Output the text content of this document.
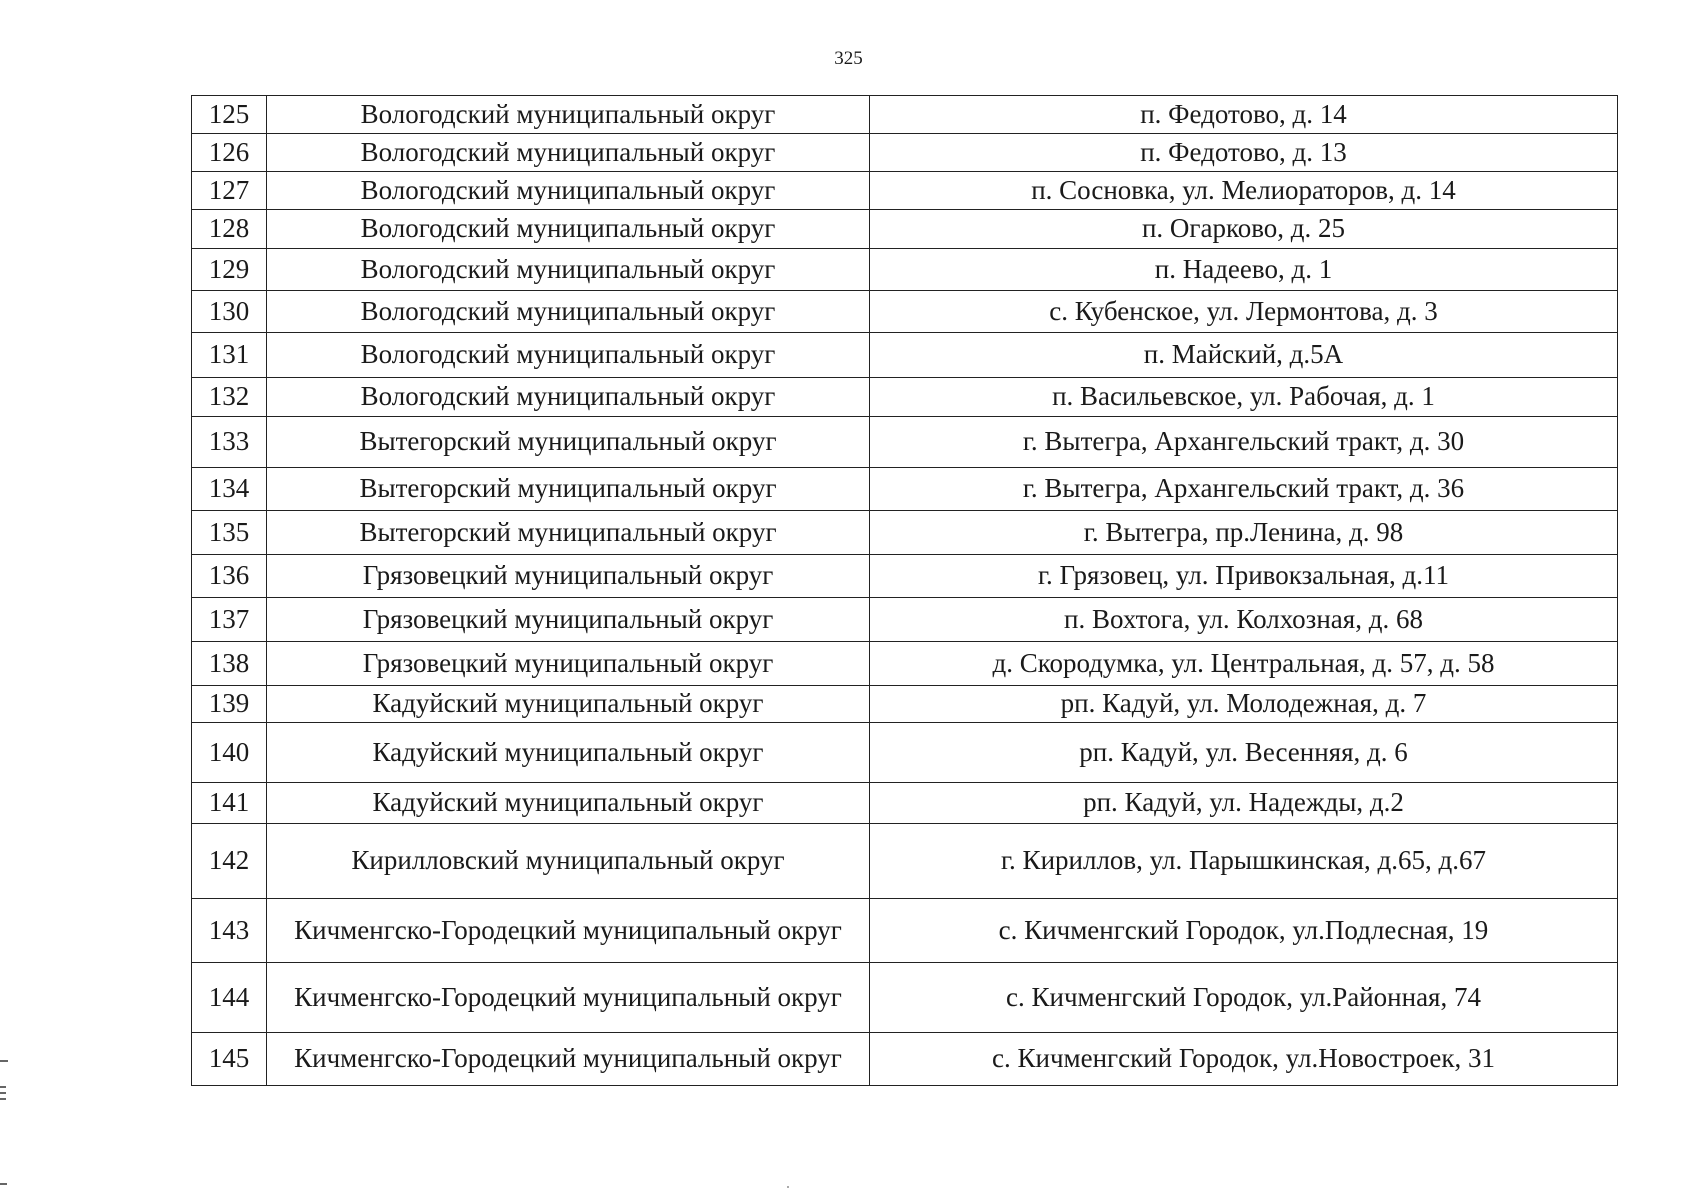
325
125	Вологодский муниципальный округ	п. Федотово, д. 14
126	Вологодский муниципальный округ	п. Федотово, д. 13
127	Вологодский муниципальный округ	п. Сосновка, ул. Мелиораторов, д. 14
128	Вологодский муниципальный округ	п. Огарково, д. 25
129	Вологодский муниципальный округ	п. Надеево, д. 1
130	Вологодский муниципальный округ	с. Кубенское, ул. Лермонтова, д. 3
131	Вологодский муниципальный округ	п. Майский, д.5А
132	Вологодский муниципальный округ	п. Васильевское, ул. Рабочая, д. 1
133	Вытегорский муниципальный округ	г. Вытегра, Архангельский тракт, д. 30
134	Вытегорский муниципальный округ	г. Вытегра, Архангельский тракт, д. 36
135	Вытегорский муниципальный округ	г. Вытегра, пр.Ленина, д. 98
136	Грязовецкий муниципальный округ	г. Грязовец, ул. Привокзальная, д.11
137	Грязовецкий муниципальный округ	п. Вохтога, ул. Колхозная, д. 68
138	Грязовецкий муниципальный округ	д. Скородумка, ул. Центральная, д. 57, д. 58
139	Кадуйский муниципальный округ	рп. Кадуй, ул. Молодежная, д. 7
140	Кадуйский муниципальный округ	рп. Кадуй, ул. Весенняя, д. 6
141	Кадуйский муниципальный округ	рп. Кадуй, ул. Надежды, д.2
142	Кирилловский муниципальный округ	г. Кириллов, ул. Парышкинская, д.65, д.67
143	Кичменгско-Городецкий муниципальный округ	с. Кичменгский Городок, ул.Подлесная, 19
144	Кичменгско-Городецкий муниципальный округ	с. Кичменгский Городок, ул.Районная, 74
145	Кичменгско-Городецкий муниципальный округ	с. Кичменгский Городок, ул.Новостроек, 31
